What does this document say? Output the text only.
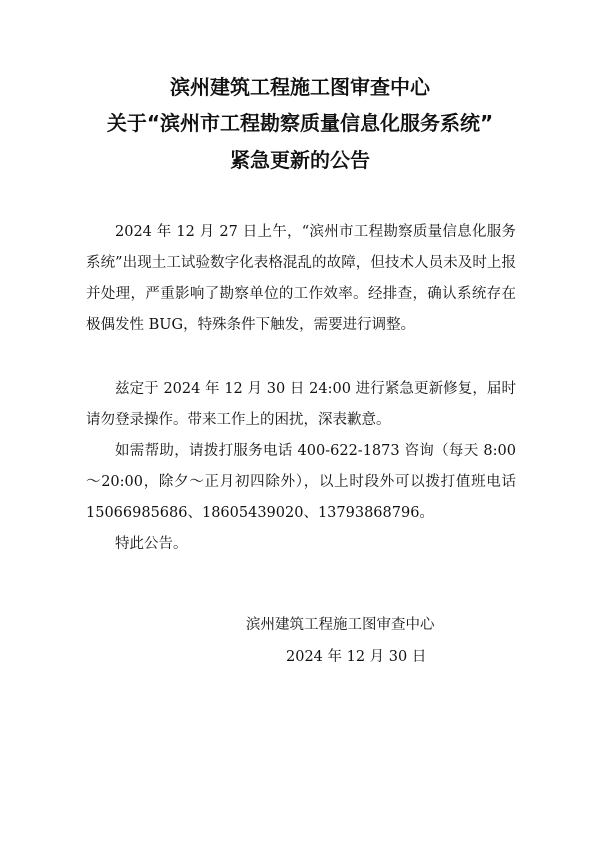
滨州建筑工程施工图审查中心
关于“滨州市工程勘察质量信息化服务系统”
紧急更新的公告

2024 年 12 月 27 日上午，“滨州市工程勘察质量信息化服务系统”出现土工试验数字化表格混乱的故障，但技术人员未及时上报并处理，严重影响了勘察单位的工作效率。经排查，确认系统存在极偶发性 BUG，特殊条件下触发，需要进行调整。

兹定于 2024 年 12 月 30 日 24:00 进行紧急更新修复，届时请勿登录操作。带来工作上的困扰，深表歉意。

如需帮助，请拨打服务电话 400-622-1873 咨询（每天 8:00～20:00，除夕～正月初四除外），以上时段外可以拨打值班电话 15066985686、18605439020、13793868796。

特此公告。

滨州建筑工程施工图审查中心
2024 年 12 月 30 日
